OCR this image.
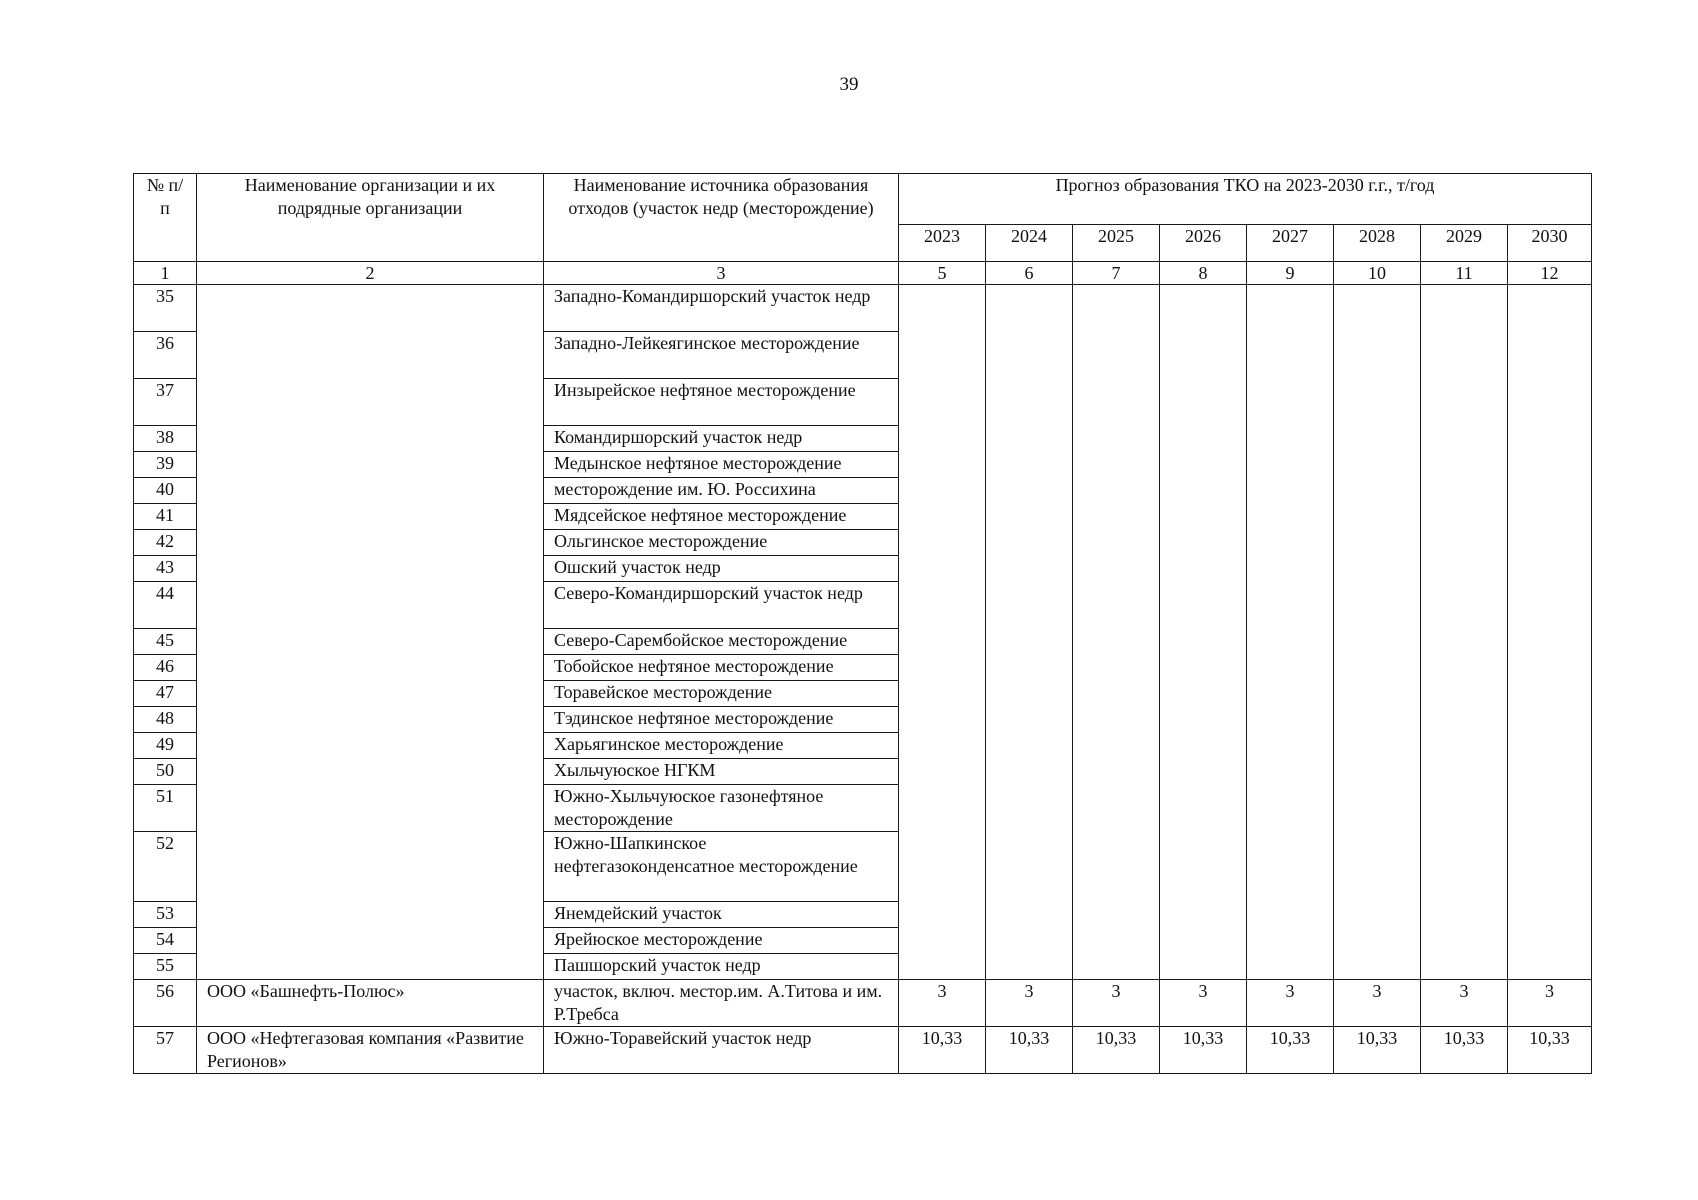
39
№ п/п	Наименование организации и их подрядные организации	Наименование источника образования отходов (участок недр (месторождение)	Прогноз образования ТКО на 2023-2030 г.г., т/год							
			2023	2024	2025	2026	2027	2028	2029	2030
1	2	3	5	6	7	8	9	10	11	12
35		Западно-Командиршорский участок недр								
36		Западно-Лейкеягинское месторождение								
37		Инзырейское нефтяное месторождение								
38		Командиршорский участок недр								
39		Медынское нефтяное месторождение								
40		месторождение им. Ю. Россихина								
41		Мядсейское нефтяное месторождение								
42		Ольгинское месторождение								
43		Ошский участок недр								
44		Северо-Командиршорский участок недр								
45		Северо-Сарембойское месторождение								
46		Тобойское нефтяное месторождение								
47		Торавейское месторождение								
48		Тэдинское нефтяное месторождение								
49		Харьягинское месторождение								
50		Хыльчуюское НГКМ								
51		Южно-Хыльчуюское газонефтяное месторождение								
52		Южно-Шапкинское нефтегазоконденсатное месторождение								
53		Янемдейский участок								
54		Ярейюское месторождение								
55		Пашшорский участок недр								
56	ООО «Башнефть-Полюс»	участок, включ. местор.им. А.Титова и им. Р.Требса	3	3	3	3	3	3	3	3
57	ООО «Нефтегазовая компания «Развитие Регионов»	Южно-Торавейский участок недр	10,33	10,33	10,33	10,33	10,33	10,33	10,33	10,33
